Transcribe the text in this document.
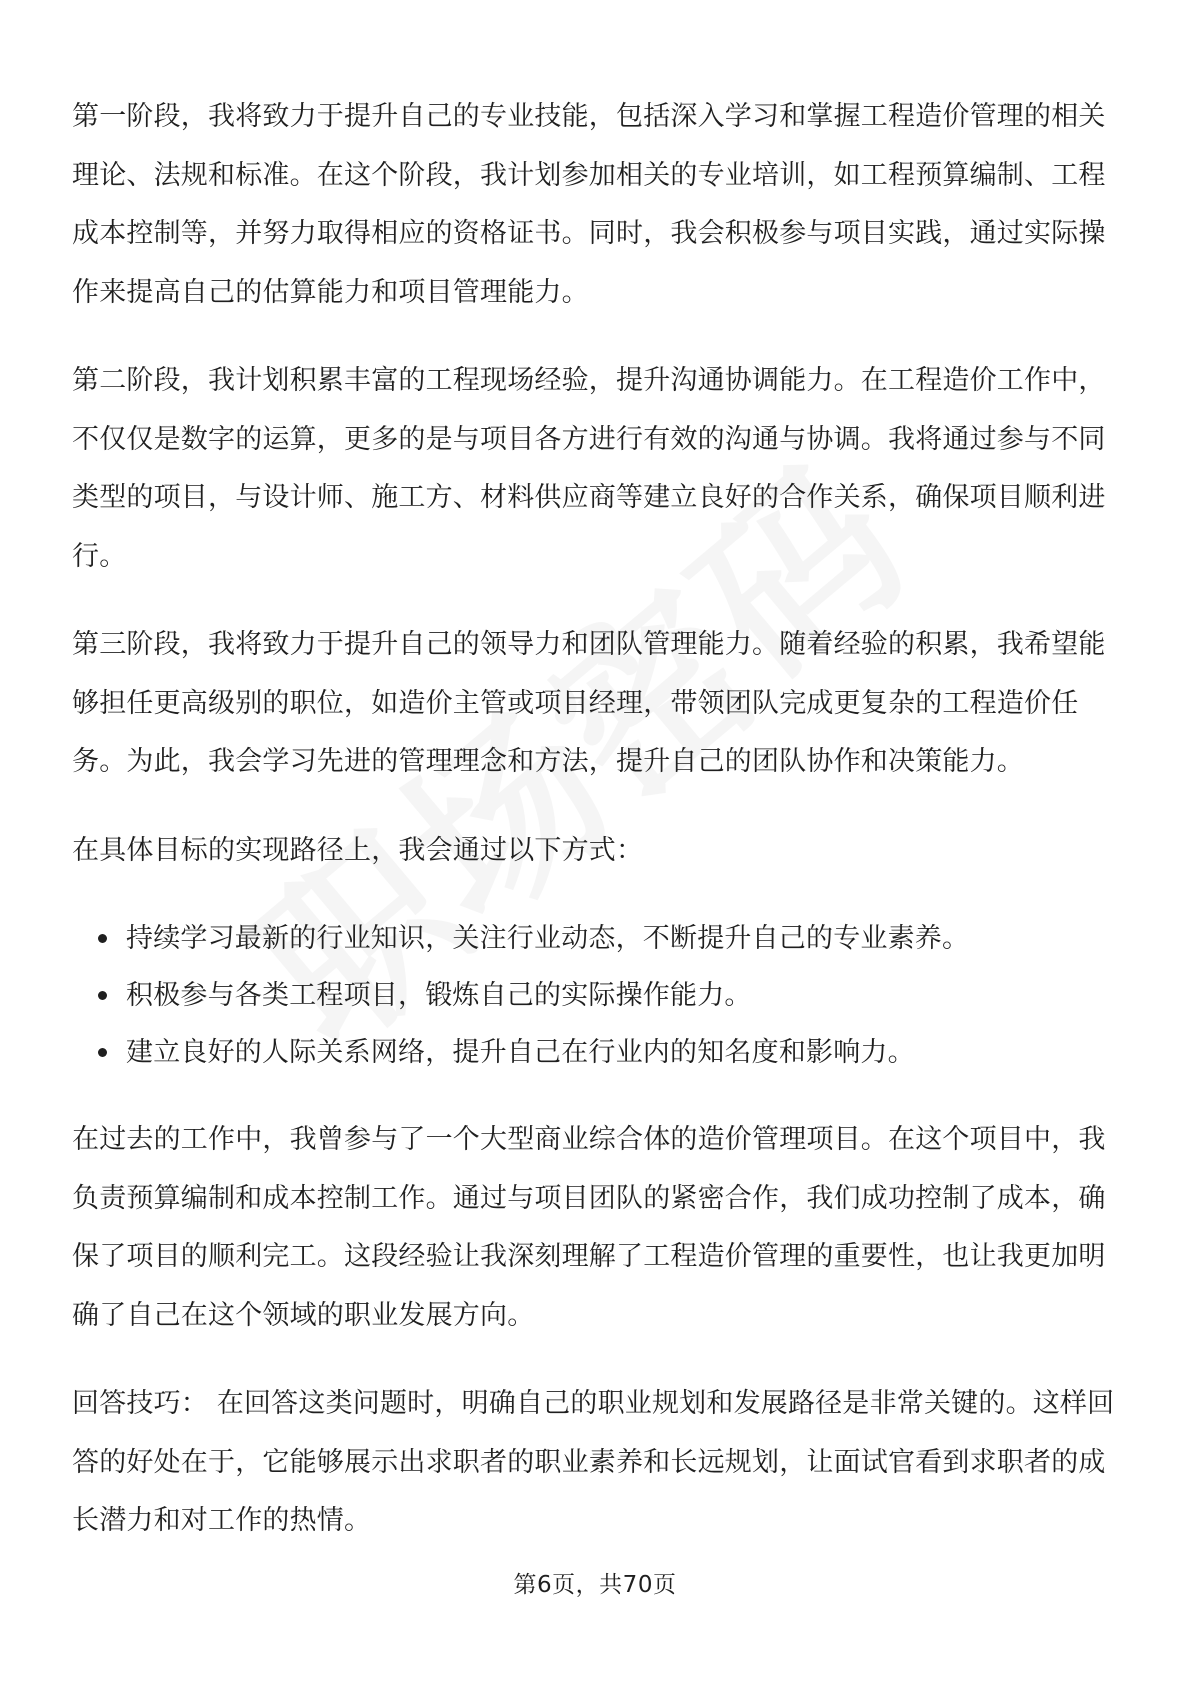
第一阶段，我将致力于提升自己的专业技能，包括深入学习和掌握工程造价管理的相关理论、法规和标准。在这个阶段，我计划参加相关的专业培训，如工程预算编制、工程成本控制等，并努力取得相应的资格证书。同时，我会积极参与项目实践，通过实际操作来提高自己的估算能力和项目管理能力。

第二阶段，我计划积累丰富的工程现场经验，提升沟通协调能力。在工程造价工作中，不仅仅是数字的运算，更多的是与项目各方进行有效的沟通与协调。我将通过参与不同类型的项目，与设计师、施工方、材料供应商等建立良好的合作关系，确保项目顺利进行。

第三阶段，我将致力于提升自己的领导力和团队管理能力。随着经验的积累，我希望能够担任更高级别的职位，如造价主管或项目经理，带领团队完成更复杂的工程造价任务。为此，我会学习先进的管理理念和方法，提升自己的团队协作和决策能力。

在具体目标的实现路径上，我会通过以下方式：

持续学习最新的行业知识，关注行业动态，不断提升自己的专业素养。
积极参与各类工程项目，锻炼自己的实际操作能力。
建立良好的人际关系网络，提升自己在行业内的知名度和影响力。

在过去的工作中，我曾参与了一个大型商业综合体的造价管理项目。在这个项目中，我负责预算编制和成本控制工作。通过与项目团队的紧密合作，我们成功控制了成本，确保了项目的顺利完工。这段经验让我深刻理解了工程造价管理的重要性，也让我更加明确了自己在这个领域的职业发展方向。

回答技巧： 在回答这类问题时，明确自己的职业规划和发展路径是非常关键的。这样回答的好处在于，它能够展示出求职者的职业素养和长远规划，让面试官看到求职者的成长潜力和对工作的热情。

第6页，共70页
